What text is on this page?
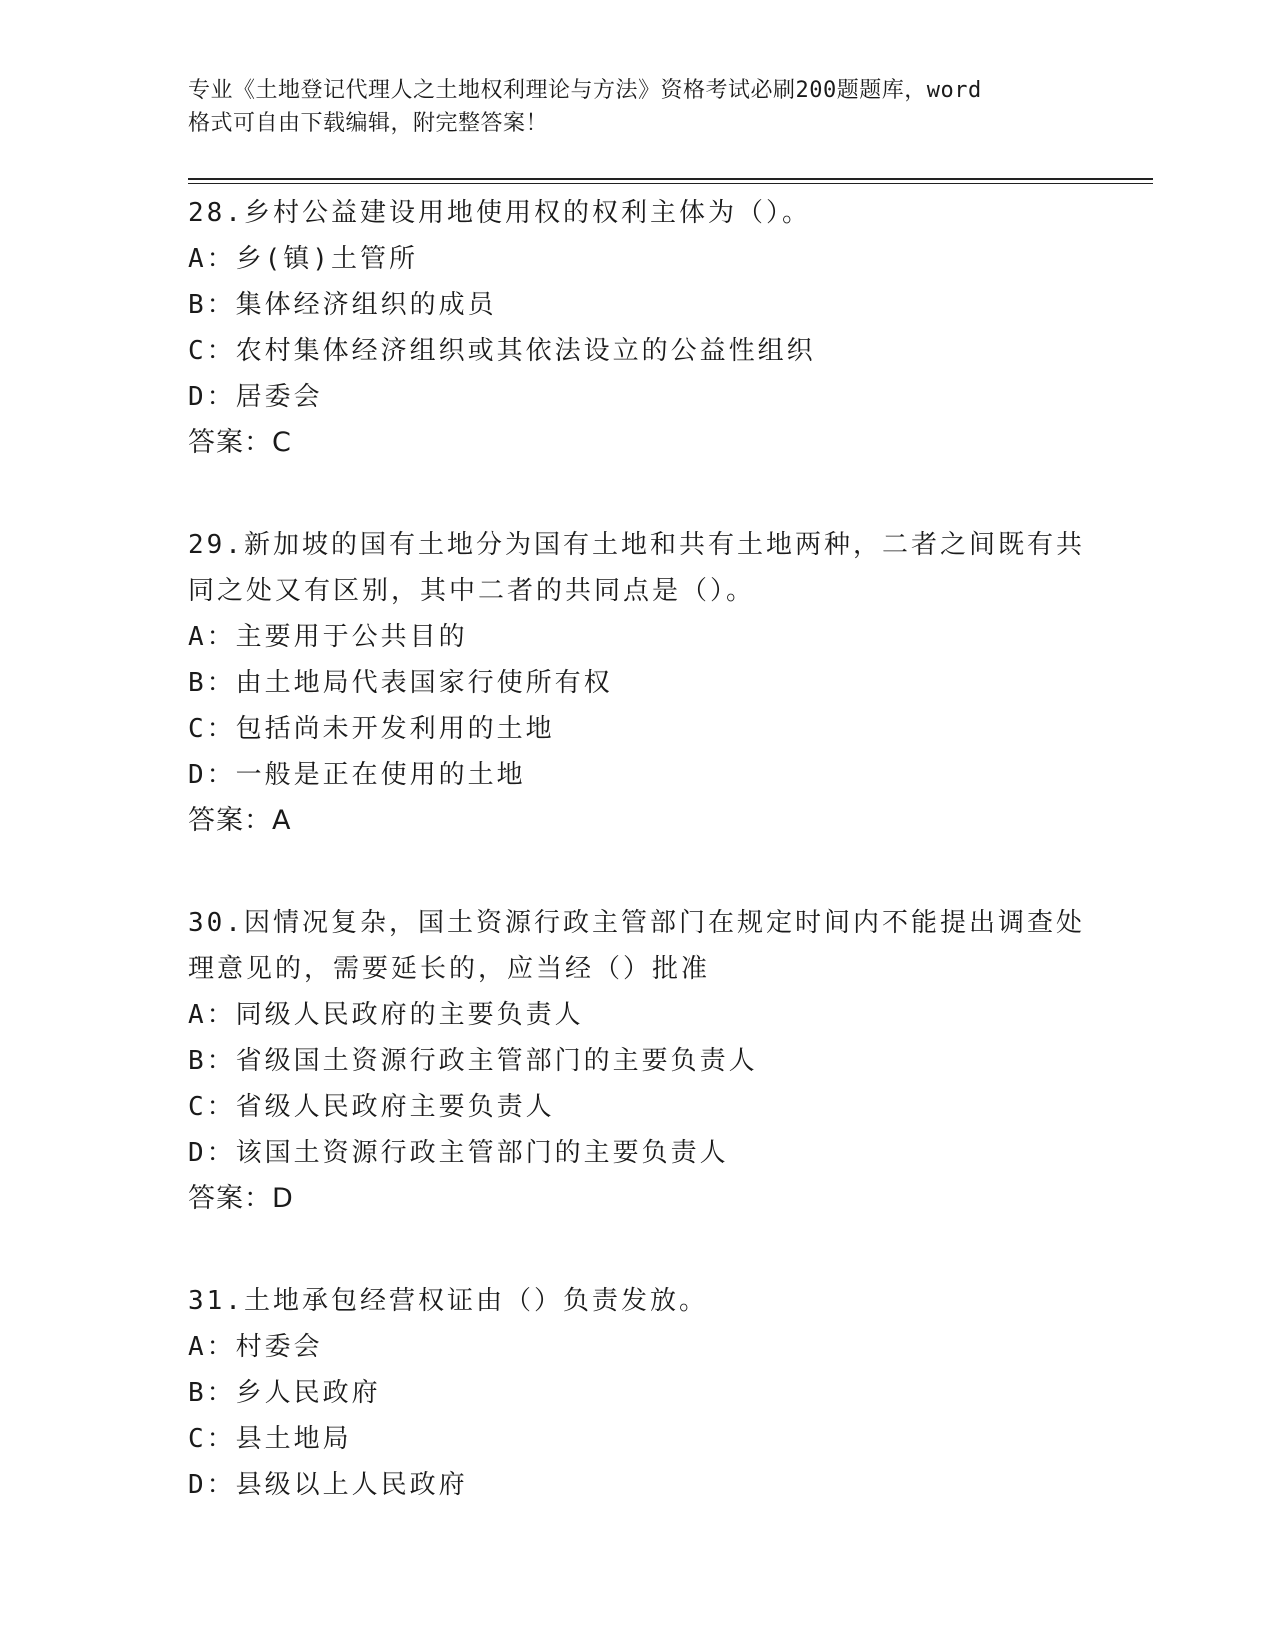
专业《土地登记代理人之土地权利理论与方法》资格考试必刷200题题库，word
格式可自由下载编辑，附完整答案！
28.乡村公益建设用地使用权的权利主体为（）。
A：乡(镇)土管所
B：集体经济组织的成员
C：农村集体经济组织或其依法设立的公益性组织
D：居委会
答案：C
29.新加坡的国有土地分为国有土地和共有土地两种，二者之间既有共
同之处又有区别，其中二者的共同点是（）。
A：主要用于公共目的
B：由土地局代表国家行使所有权
C：包括尚未开发利用的土地
D：一般是正在使用的土地
答案：A
30.因情况复杂，国土资源行政主管部门在规定时间内不能提出调查处
理意见的，需要延长的，应当经（）批准
A：同级人民政府的主要负责人
B：省级国土资源行政主管部门的主要负责人
C：省级人民政府主要负责人
D：该国土资源行政主管部门的主要负责人
答案：D
31.土地承包经营权证由（）负责发放。
A：村委会
B：乡人民政府
C：县土地局
D：县级以上人民政府
